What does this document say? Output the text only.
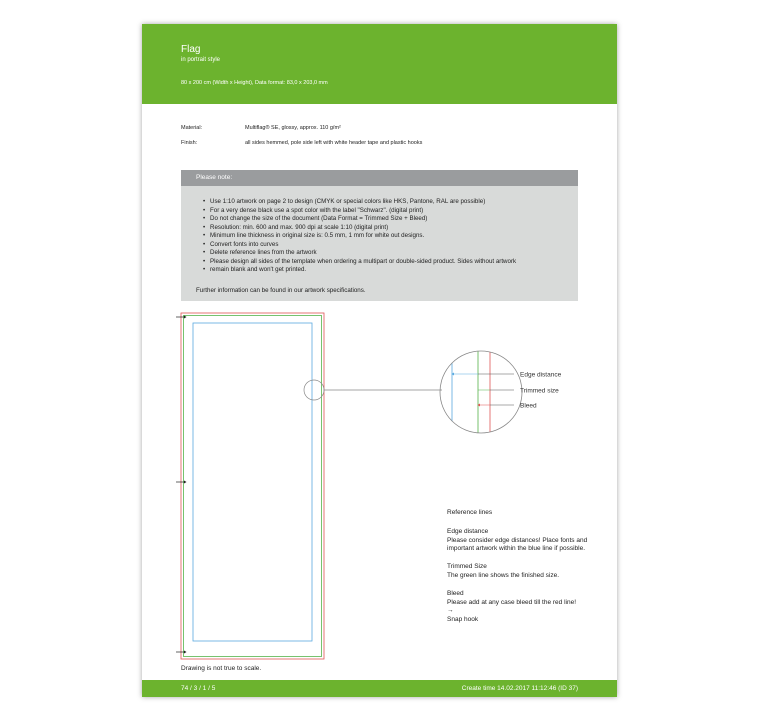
Flag
in portrait style
80 x 200 cm (Width x Height), Data format: 83,0 x 203,0 mm
Material:	Multiflag® SE, glossy, approx. 110 g/m²
Finish:	all sides hemmed, pole side left with white header tape and plastic hooks
Please note:
• Use 1:10 artwork on page 2 to design (CMYK or special colors like HKS, Pantone, RAL are possible)
• For a very dense black use a spot color with the label "Schwarz". (digital print)
• Do not change the size of the document (Data Format = Trimmed Size + Bleed)
• Resolution: min. 600 and max. 900 dpi at scale 1:10 (digital print)
• Minimum line thickness in original size is: 0.5 mm, 1 mm for white out designs.
• Convert fonts into curves
• Delete reference lines from the artwork
• Please design all sides of the template when ordering a multipart or double-sided product. Sides without artwork
• remain blank and won't get printed.
Further information can be found in our artwork specifications.
Edge distance
Trimmed size
Bleed

Reference lines

Edge distance
Please consider edge distances! Place fonts and important artwork within the blue line if possible.

Trimmed Size
The green line shows the finished size.

Bleed
Please add at any case bleed till the red line!
→
Snap hook

Drawing is not true to scale.
74 / 3 / 1 / 5	Create time 14.02.2017 11:12:46 (ID 37)
